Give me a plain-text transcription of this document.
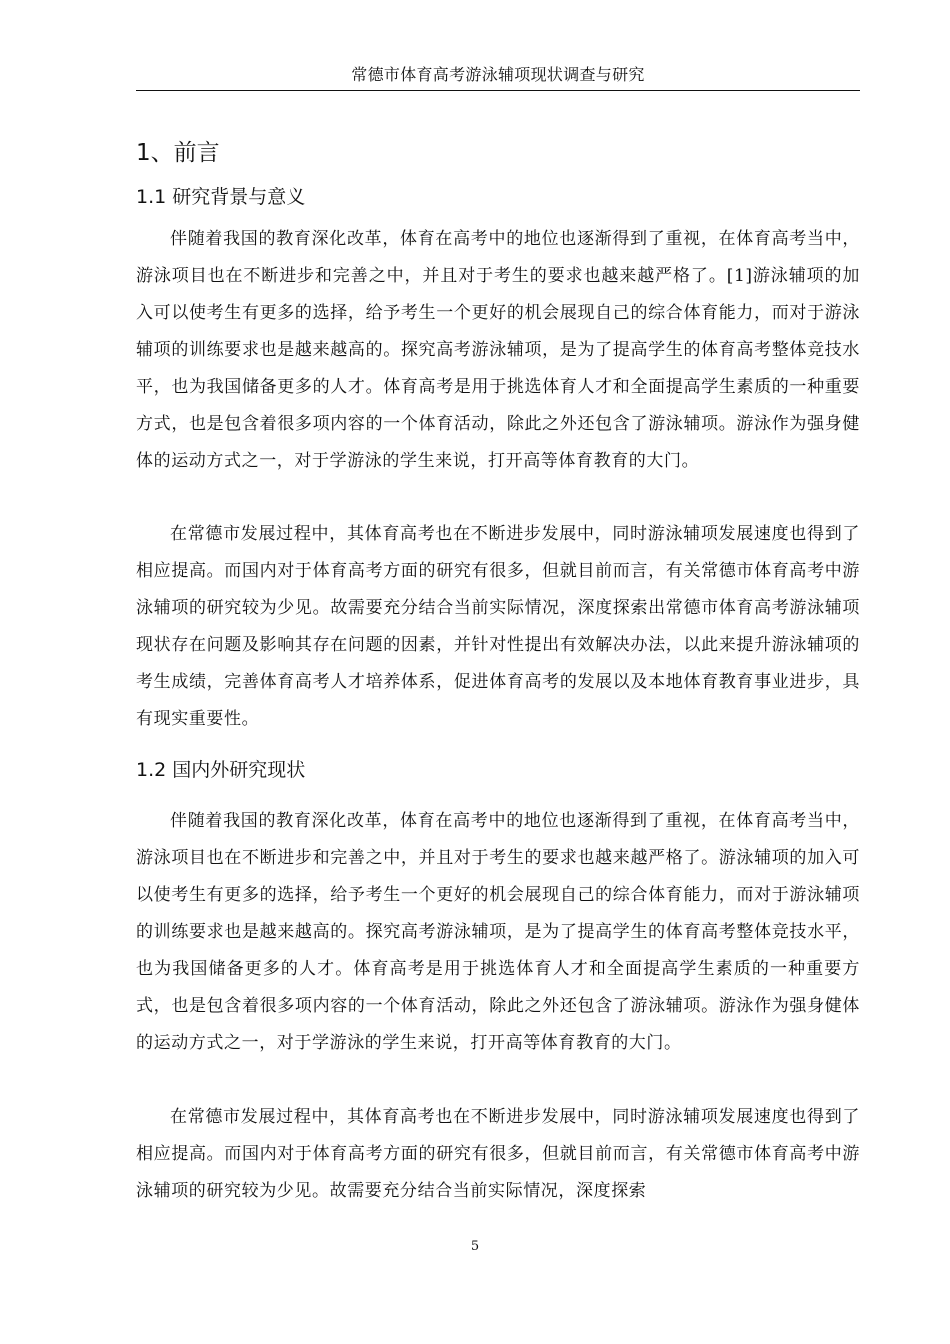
常德市体育高考游泳辅项现状调查与研究
1、前言
1.1 研究背景与意义

伴随着我国的教育深化改革，体育在高考中的地位也逐渐得到了重视，在体育高考当中，游泳项目也在不断进步和完善之中，并且对于考生的要求也越来越严格了。[1]游泳辅项的加入可以使考生有更多的选择，给予考生一个更好的机会展现自己的综合体育能力，而对于游泳辅项的训练要求也是越来越高的。探究高考游泳辅项，是为了提高学生的体育高考整体竞技水平，也为我国储备更多的人才。体育高考是用于挑选体育人才和全面提高学生素质的一种重要方式，也是包含着很多项内容的一个体育活动，除此之外还包含了游泳辅项。游泳作为强身健体的运动方式之一，对于学游泳的学生来说，打开高等体育教育的大门。

在常德市发展过程中，其体育高考也在不断进步发展中，同时游泳辅项发展速度也得到了相应提高。而国内对于体育高考方面的研究有很多，但就目前而言，有关常德市体育高考中游泳辅项的研究较为少见。故需要充分结合当前实际情况，深度探索出常德市体育高考游泳辅项现状存在问题及影响其存在问题的因素，并针对性提出有效解决办法，以此来提升游泳辅项的考生成绩，完善体育高考人才培养体系，促进体育高考的发展以及本地体育教育事业进步，具有现实重要性。

1.2 国内外研究现状

伴随着我国的教育深化改革，体育在高考中的地位也逐渐得到了重视，在体育高考当中，游泳项目也在不断进步和完善之中，并且对于考生的要求也越来越严格了。游泳辅项的加入可以使考生有更多的选择，给予考生一个更好的机会展现自己的综合体育能力，而对于游泳辅项的训练要求也是越来越高的。探究高考游泳辅项，是为了提高学生的体育高考整体竞技水平，也为我国储备更多的人才。体育高考是用于挑选体育人才和全面提高学生素质的一种重要方式，也是包含着很多项内容的一个体育活动，除此之外还包含了游泳辅项。游泳作为强身健体的运动方式之一，对于学游泳的学生来说，打开高等体育教育的大门。

在常德市发展过程中，其体育高考也在不断进步发展中，同时游泳辅项发展速度也得到了相应提高。而国内对于体育高考方面的研究有很多，但就目前而言，有关常德市体育高考中游泳辅项的研究较为少见。故需要充分结合当前实际情况，深度探索

5
